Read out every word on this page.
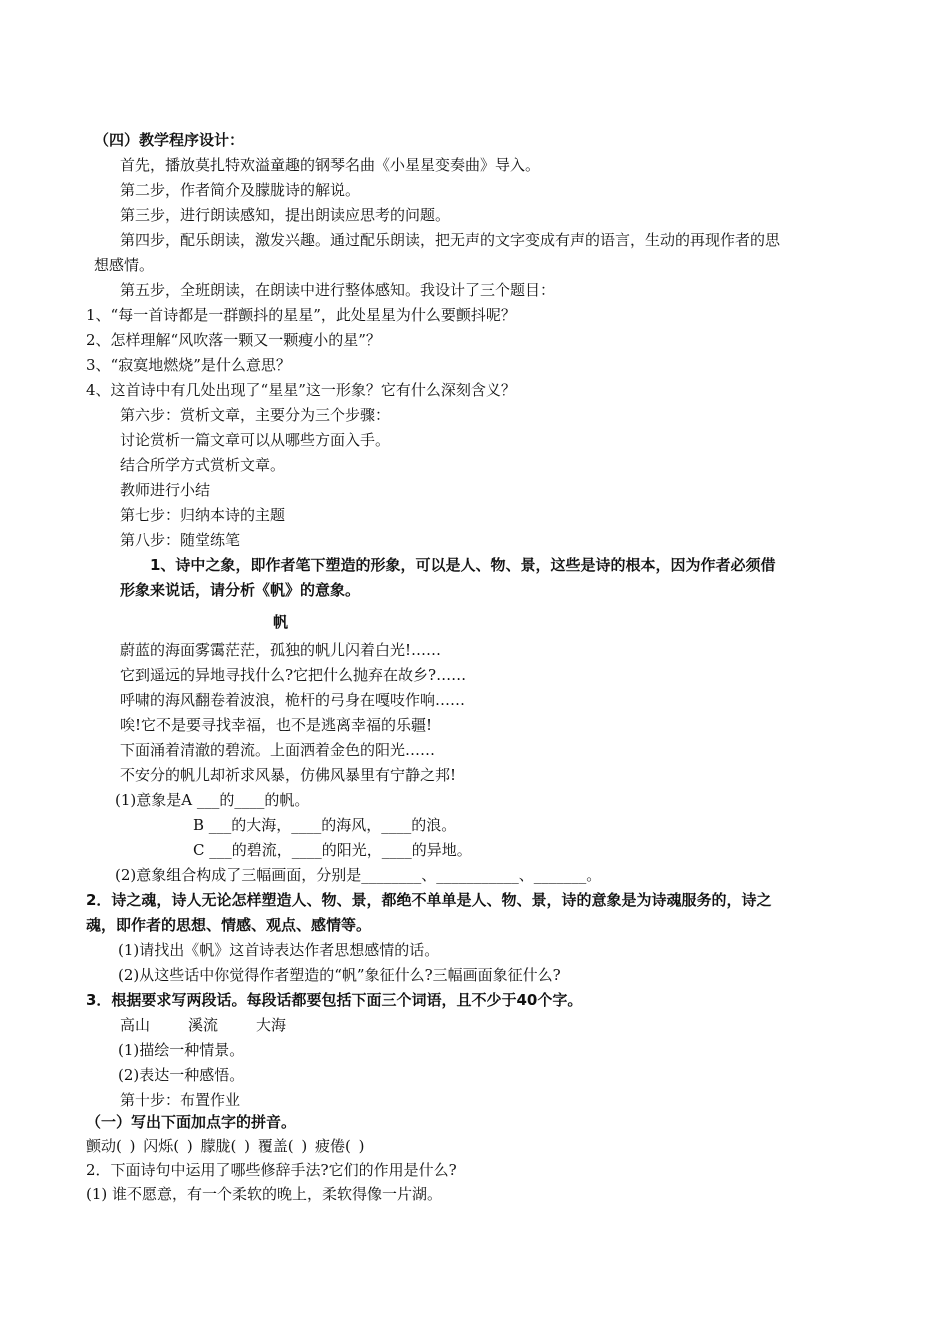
（四）教学程序设计：
首先，播放莫扎特欢溢童趣的钢琴名曲《小星星变奏曲》导入。
第二步，作者简介及朦胧诗的解说。
第三步，进行朗读感知，提出朗读应思考的问题。
第四步，配乐朗读，激发兴趣。通过配乐朗读，把无声的文字变成有声的语言，生动的再现作者的思
想感情。
第五步，全班朗读，在朗读中进行整体感知。我设计了三个题目：
1、“每一首诗都是一群颤抖的星星”，此处星星为什么要颤抖呢？
2、怎样理解“风吹落一颗又一颗瘦小的星”？
3、“寂寞地燃烧”是什么意思？
4、这首诗中有几处出现了“星星”这一形象？它有什么深刻含义？
第六步：赏析文章，主要分为三个步骤：
讨论赏析一篇文章可以从哪些方面入手。
结合所学方式赏析文章。
教师进行小结
第七步：归纳本诗的主题
第八步：随堂练笔
1、诗中之象，即作者笔下塑造的形象，可以是人、物、景，这些是诗的根本，因为作者必须借
形象来说话，请分析《帆》的意象。
帆
蔚蓝的海面雾霭茫茫，孤独的帆儿闪着白光!……
它到遥远的异地寻找什么?它把什么抛弃在故乡?……
呼啸的海风翻卷着波浪，桅杆的弓身在嘎吱作响……
唉!它不是要寻找幸福，也不是逃离幸福的乐疆!
下面涌着清澈的碧流。上面洒着金色的阳光……
不安分的帆儿却祈求风暴，仿佛风暴里有宁静之邦!
(1)意象是A ___的____的帆。
B ___的大海，____的海风，____的浪。
C ___的碧流，____的阳光，____的异地。
(2)意象组合构成了三幅画面，分别是________、___________、_______。
2．诗之魂，诗人无论怎样塑造人、物、景，都绝不单单是人、物、景，诗的意象是为诗魂服务的，诗之
魂，即作者的思想、情感、观点、感情等。
(1)请找出《帆》这首诗表达作者思想感情的话。
(2)从这些话中你觉得作者塑造的“帆”象征什么?三幅画面象征什么?
3．根据要求写两段话。每段话都要包括下面三个词语，且不少于40个字。
高山	溪流	大海
(1)描绘一种情景。
(2)表达一种感悟。
第十步：布置作业
（一）写出下面加点字的拼音。
颤动( ) 闪烁( ) 朦胧( ) 覆盖( ) 疲倦( )
2．下面诗句中运用了哪些修辞手法?它们的作用是什么?
(1) 谁不愿意，有一个柔软的晚上，柔软得像一片湖。
